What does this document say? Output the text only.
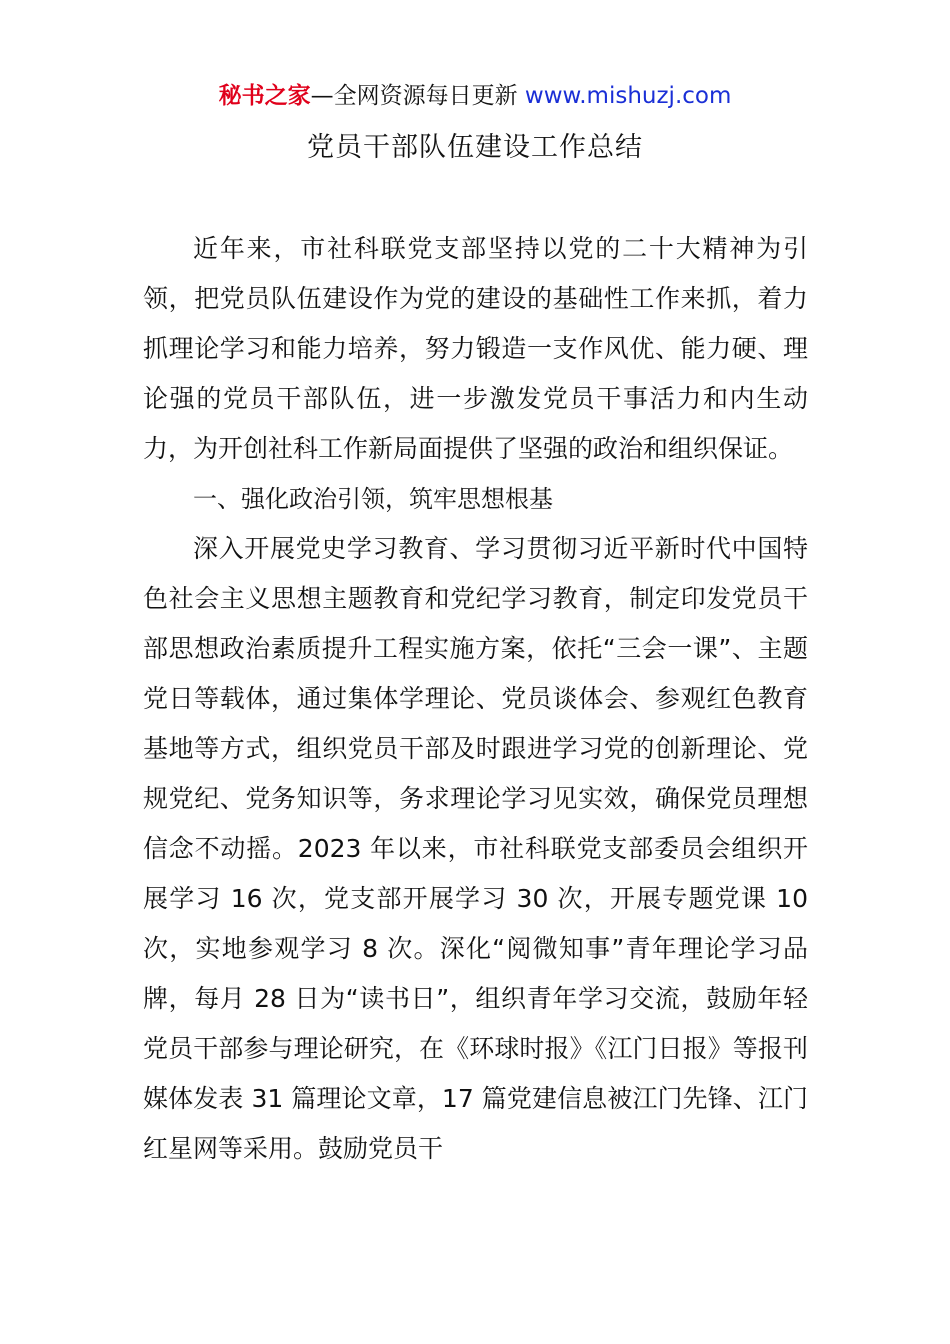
秘书之家—全网资源每日更新 www.mishuzj.com
党员干部队伍建设工作总结

近年来，市社科联党支部坚持以党的二十大精神为引领，把党员队伍建设作为党的建设的基础性工作来抓，着力抓理论学习和能力培养，努力锻造一支作风优、能力硬、理论强的党员干部队伍，进一步激发党员干事活力和内生动力，为开创社科工作新局面提供了坚强的政治和组织保证。

一、强化政治引领，筑牢思想根基

深入开展党史学习教育、学习贯彻习近平新时代中国特色社会主义思想主题教育和党纪学习教育，制定印发党员干部思想政治素质提升工程实施方案，依托“三会一课”、主题党日等载体，通过集体学理论、党员谈体会、参观红色教育基地等方式，组织党员干部及时跟进学习党的创新理论、党规党纪、党务知识等，务求理论学习见实效，确保党员理想信念不动摇。2023 年以来，市社科联党支部委员会组织开展学习 16 次，党支部开展学习 30 次，开展专题党课 10 次，实地参观学习 8 次。深化“阅微知事”青年理论学习品牌，每月 28 日为“读书日”，组织青年学习交流，鼓励年轻党员干部参与理论研究，在《环球时报》《江门日报》等报刊媒体发表 31 篇理论文章，17 篇党建信息被江门先锋、江门红星网等采用。鼓励党员干
